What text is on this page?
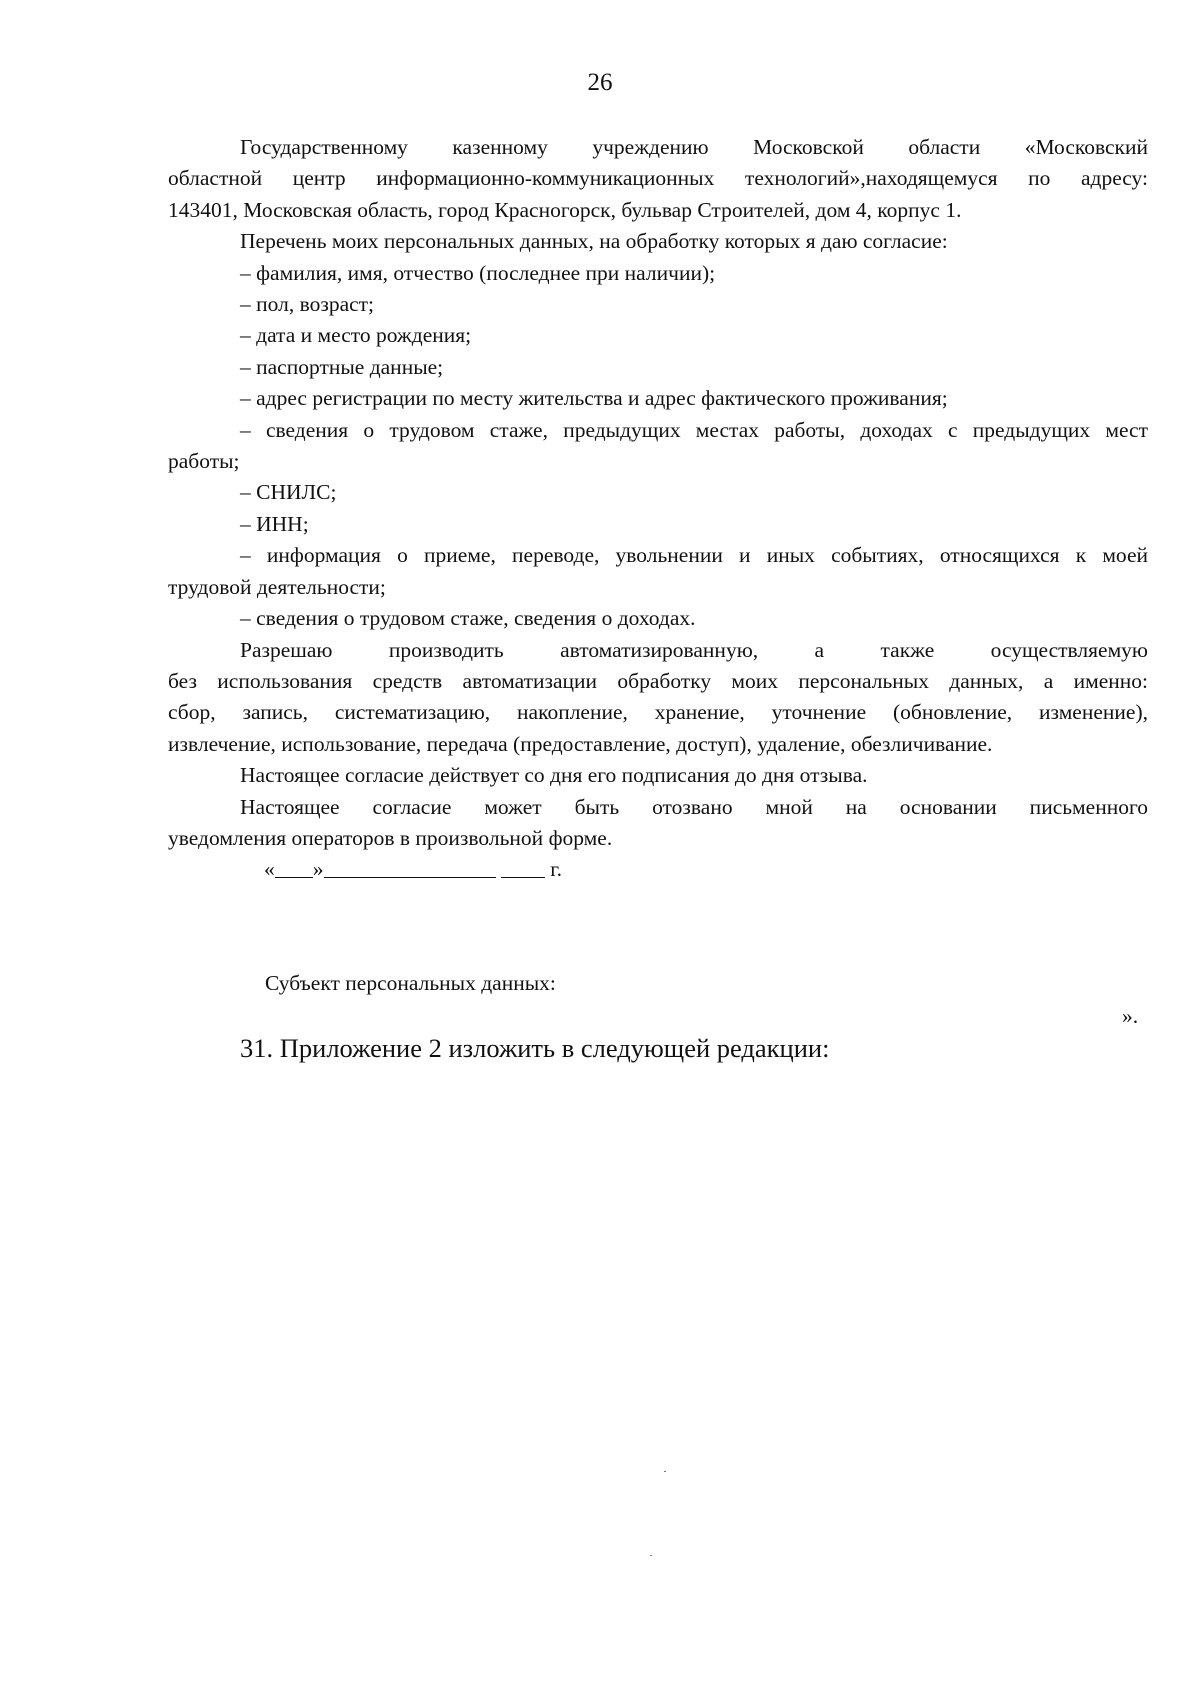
26

Государственному казенному учреждению Московской области «Московский

областной центр информационно-коммуникационных технологий»,находящемуся по адресу:

143401, Московская область, город Красногорск, бульвар Строителей, дом 4, корпус 1.

Перечень моих персональных данных, на обработку которых я даю согласие:

– фамилия, имя, отчество (последнее при наличии);

– пол, возраст;

– дата и место рождения;

– паспортные данные;

– адрес регистрации по месту жительства и адрес фактического проживания;

– сведения о трудовом стаже, предыдущих местах работы, доходах с предыдущих мест

работы;

– СНИЛС;

– ИНН;

– информация о приеме, переводе, увольнении и иных событиях, относящихся к моей

трудовой деятельности;

– сведения о трудовом стаже, сведения о доходах.

Разрешаю производить автоматизированную, а также осуществляемую

без использования средств автоматизации обработку моих персональных данных, а именно:

сбор, запись, систематизацию, накопление, хранение, уточнение (обновление, изменение),

извлечение, использование, передача (предоставление, доступ), удаление, обезличивание.

Настоящее согласие действует со дня его подписания до дня отзыва.

Настоящее согласие может быть отозвано мной на основании письменного

уведомления операторов в произвольной форме.

« »	г.

Субъект персональных данных:
».
31. Приложение 2 изложить в следующей редакции:
